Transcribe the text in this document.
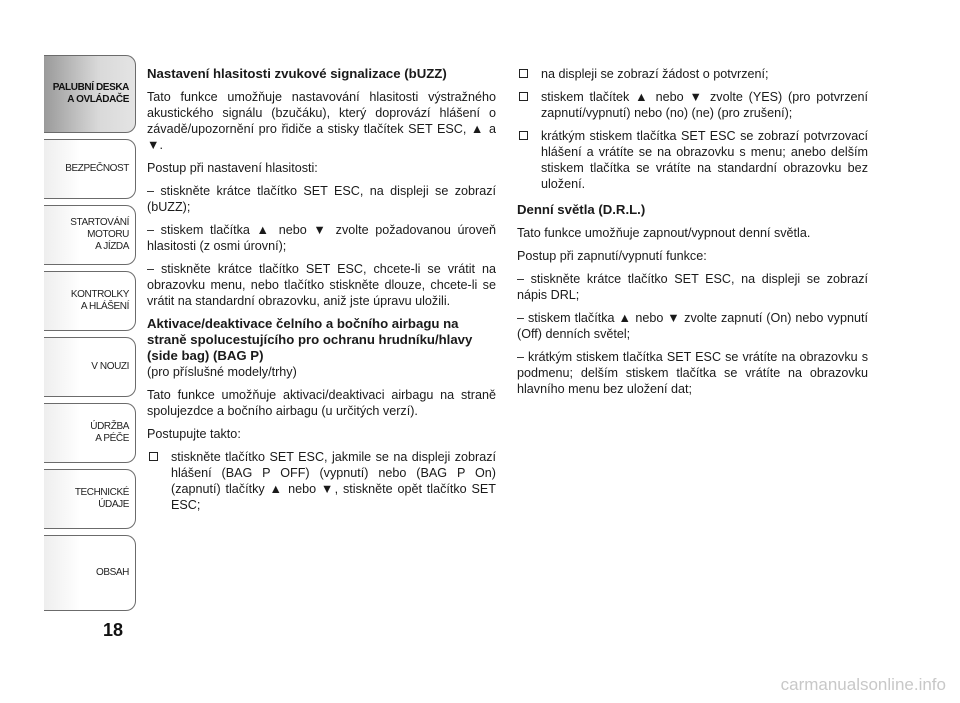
PALUBNÍ DESKA
A OVLÁDAČE
BEZPEČNOST
STARTOVÁNÍ
MOTORU
A JÍZDA
KONTROLKY
A HLÁŠENÍ
V NOUZI
ÚDRŽBA
A PÉČE
TECHNICKÉ
ÚDAJE
OBSAH
18
Nastavení hlasitosti zvukové signalizace (bUZZ)

Tato funkce umožňuje nastavování hlasitosti výstražného akustického signálu (bzučáku), který doprovází hlášení o závadě/upozornění pro řidiče a stisky tlačítek SET ESC, ▲ a ▼.

Postup při nastavení hlasitosti:

– stiskněte krátce tlačítko SET ESC, na displeji se zobrazí (bUZZ);

– stiskem tlačítka ▲ nebo ▼ zvolte požadovanou úroveň hlasitosti (z osmi úrovní);

– stiskněte krátce tlačítko SET ESC, chcete-li se vrátit na obrazovku menu, nebo tlačítko stiskněte dlouze, chcete-li se vrátit na standardní obrazovku, aniž jste úpravu uložili.

Aktivace/deaktivace čelního a bočního airbagu na straně spolucestujícího pro ochranu hrudníku/hlavy (side bag) (BAG P)

(pro příslušné modely/trhy)

Tato funkce umožňuje aktivaci/deaktivaci airbagu na straně spolujezdce a bočního airbagu (u určitých verzí).

Postupujte takto:

stiskněte tlačítko SET ESC, jakmile se na displeji zobrazí hlášení (BAG P OFF) (vypnutí) nebo (BAG P On) (zapnutí) tlačítky ▲ nebo ▼, stiskněte opět tlačítko SET ESC;
na displeji se zobrazí žádost o potvrzení;
stiskem tlačítek ▲ nebo ▼ zvolte (YES) (pro potvrzení zapnutí/vypnutí) nebo (no) (ne) (pro zrušení);
krátkým stiskem tlačítka SET ESC se zobrazí potvrzovací hlášení a vrátíte se na obrazovku s menu; anebo delším stiskem tlačítka se vrátíte na standardní obrazovku bez uložení.
Denní světla (D.R.L.)

Tato funkce umožňuje zapnout/vypnout denní světla.

Postup při zapnutí/vypnutí funkce:

– stiskněte krátce tlačítko SET ESC, na displeji se zobrazí nápis DRL;

– stiskem tlačítka ▲ nebo ▼ zvolte zapnutí (On) nebo vypnutí (Off) denních světel;

– krátkým stiskem tlačítka SET ESC se vrátíte na obrazovku s podmenu; delším stiskem tlačítka se vrátíte na obrazovku hlavního menu bez uložení dat;

carmanualsonline.info
